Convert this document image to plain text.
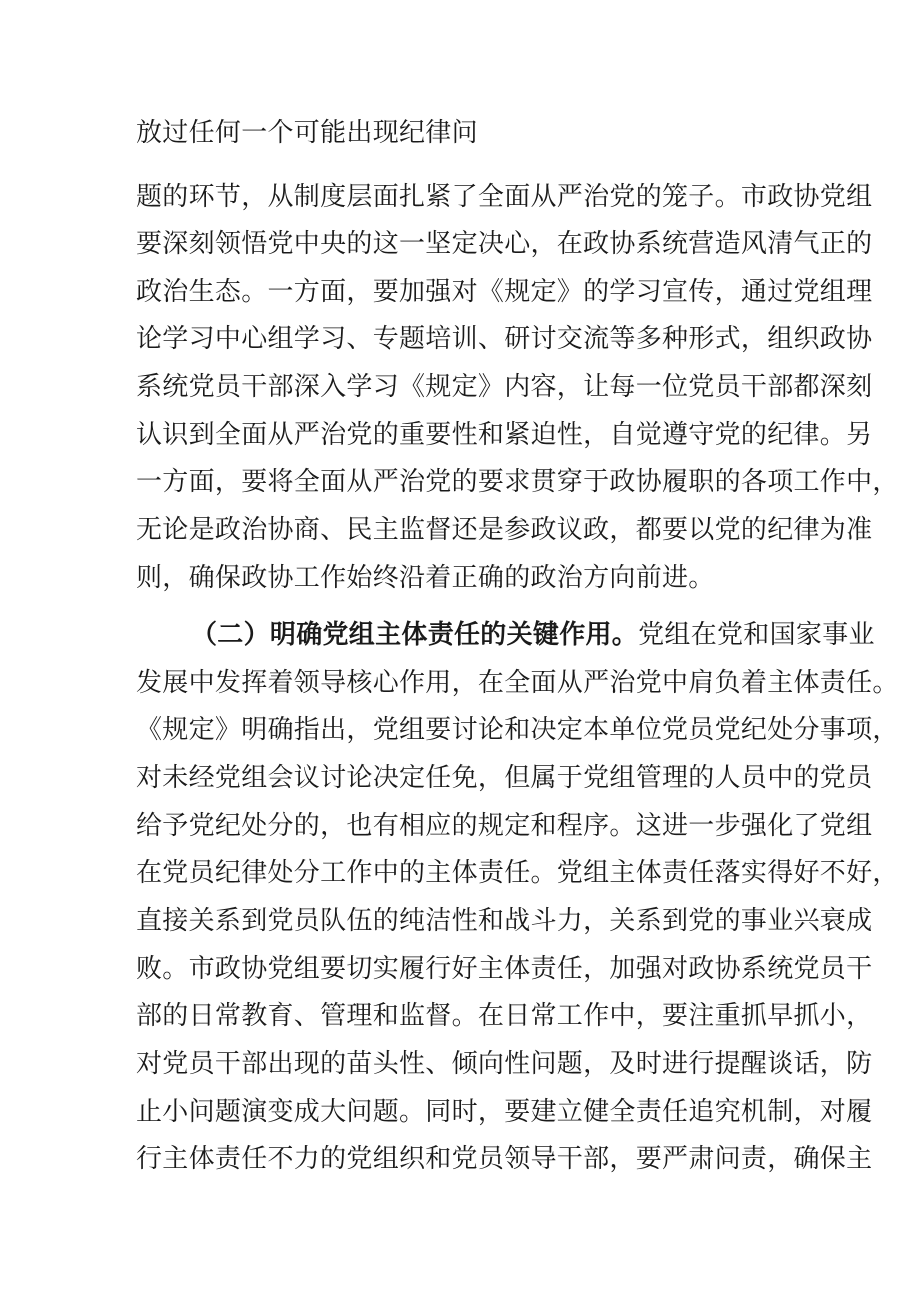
放过任何一个可能出现纪律问

题的环节，从制度层面扎紧了全面从严治党的笼子。市政协党组

要深刻领悟党中央的这一坚定决心，在政协系统营造风清气正的

政治生态。一方面，要加强对《规定》的学习宣传，通过党组理

论学习中心组学习、专题培训、研讨交流等多种形式，组织政协

系统党员干部深入学习《规定》内容，让每一位党员干部都深刻

认识到全面从严治党的重要性和紧迫性，自觉遵守党的纪律。另

一方面，要将全面从严治党的要求贯穿于政协履职的各项工作中，

无论是政治协商、民主监督还是参政议政，都要以党的纪律为准

则，确保政协工作始终沿着正确的政治方向前进。

（二）明确党组主体责任的关键作用。党组在党和国家事业

发展中发挥着领导核心作用，在全面从严治党中肩负着主体责任。

《规定》明确指出，党组要讨论和决定本单位党员党纪处分事项，

对未经党组会议讨论决定任免，但属于党组管理的人员中的党员

给予党纪处分的，也有相应的规定和程序。这进一步强化了党组

在党员纪律处分工作中的主体责任。党组主体责任落实得好不好，

直接关系到党员队伍的纯洁性和战斗力，关系到党的事业兴衰成

败。市政协党组要切实履行好主体责任，加强对政协系统党员干

部的日常教育、管理和监督。在日常工作中，要注重抓早抓小，

对党员干部出现的苗头性、倾向性问题，及时进行提醒谈话，防

止小问题演变成大问题。同时，要建立健全责任追究机制，对履

行主体责任不力的党组织和党员领导干部，要严肃问责，确保主
